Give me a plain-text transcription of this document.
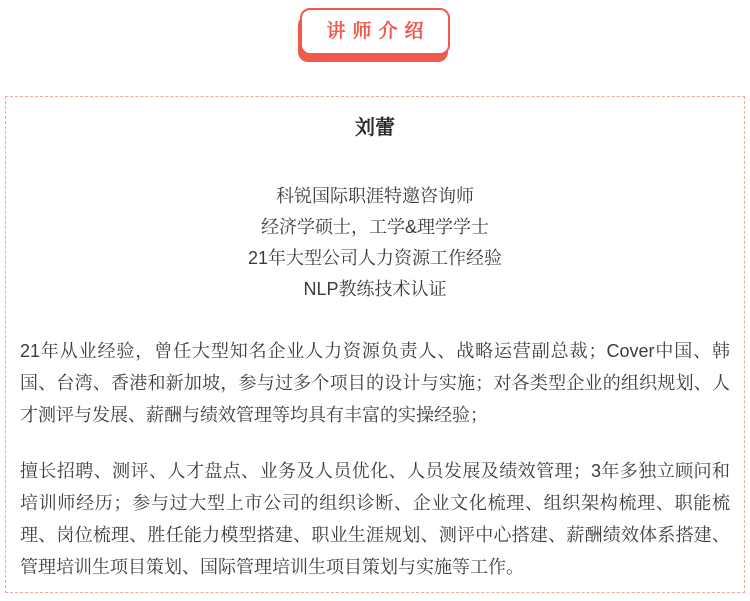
讲师介绍
刘蕾
科锐国际职涯特邀咨询师
经济学硕士，工学&理学学士
21年大型公司人力资源工作经验
NLP教练技术认证

21年从业经验，曾任大型知名企业人力资源负责人、战略运营副总裁；Cover中国、韩国、台湾、香港和新加坡，参与过多个项目的设计与实施；对各类型企业的组织规划、人才测评与发展、薪酬与绩效管理等均具有丰富的实操经验；

擅长招聘、测评、人才盘点、业务及人员优化、人员发展及绩效管理；3年多独立顾问和培训师经历；参与过大型上市公司的组织诊断、企业文化梳理、组织架构梳理、职能梳理、岗位梳理、胜任能力模型搭建、职业生涯规划、测评中心搭建、薪酬绩效体系搭建、管理培训生项目策划、国际管理培训生项目策划与实施等工作。
